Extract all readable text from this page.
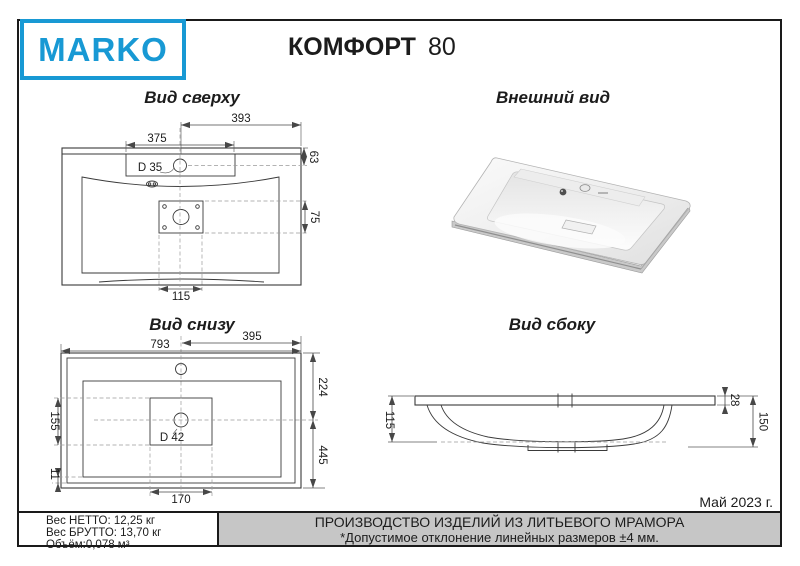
MARKO	КОМФОРТ 80
Вид сверху	Внешний вид
Вид снизу	Вид сбоку
393
375
D 35
63
75
115
395
793
224
445
155
11
D 42
170
115
28
150
Май 2023 г.
Вес НЕТТО: 12,25 кг
Вес БРУТТО: 13,70 кг
Объём:0,078 м³
ПРОИЗВОДСТВО ИЗДЕЛИЙ ИЗ ЛИТЬЕВОГО МРАМОРА
*Допустимое отклонение линейных размеров ±4 мм.
